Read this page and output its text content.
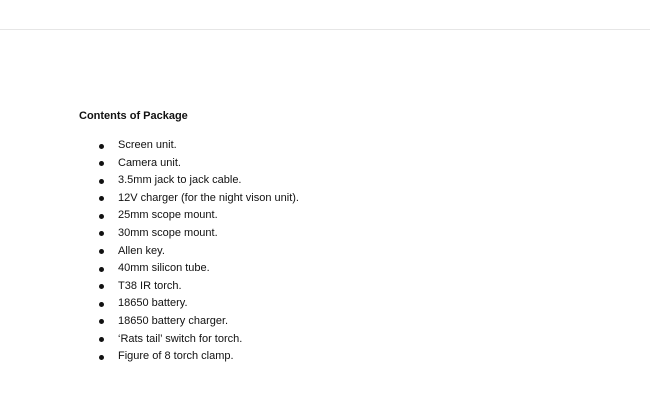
Contents of Package

Screen unit.
Camera unit.
3.5mm jack to jack cable.
12V charger (for the night vison unit).
25mm scope mount.
30mm scope mount.
Allen key.
40mm silicon tube.
T38 IR torch.
18650 battery.
18650 battery charger.
‘Rats tail’ switch for torch.
Figure of 8 torch clamp.
